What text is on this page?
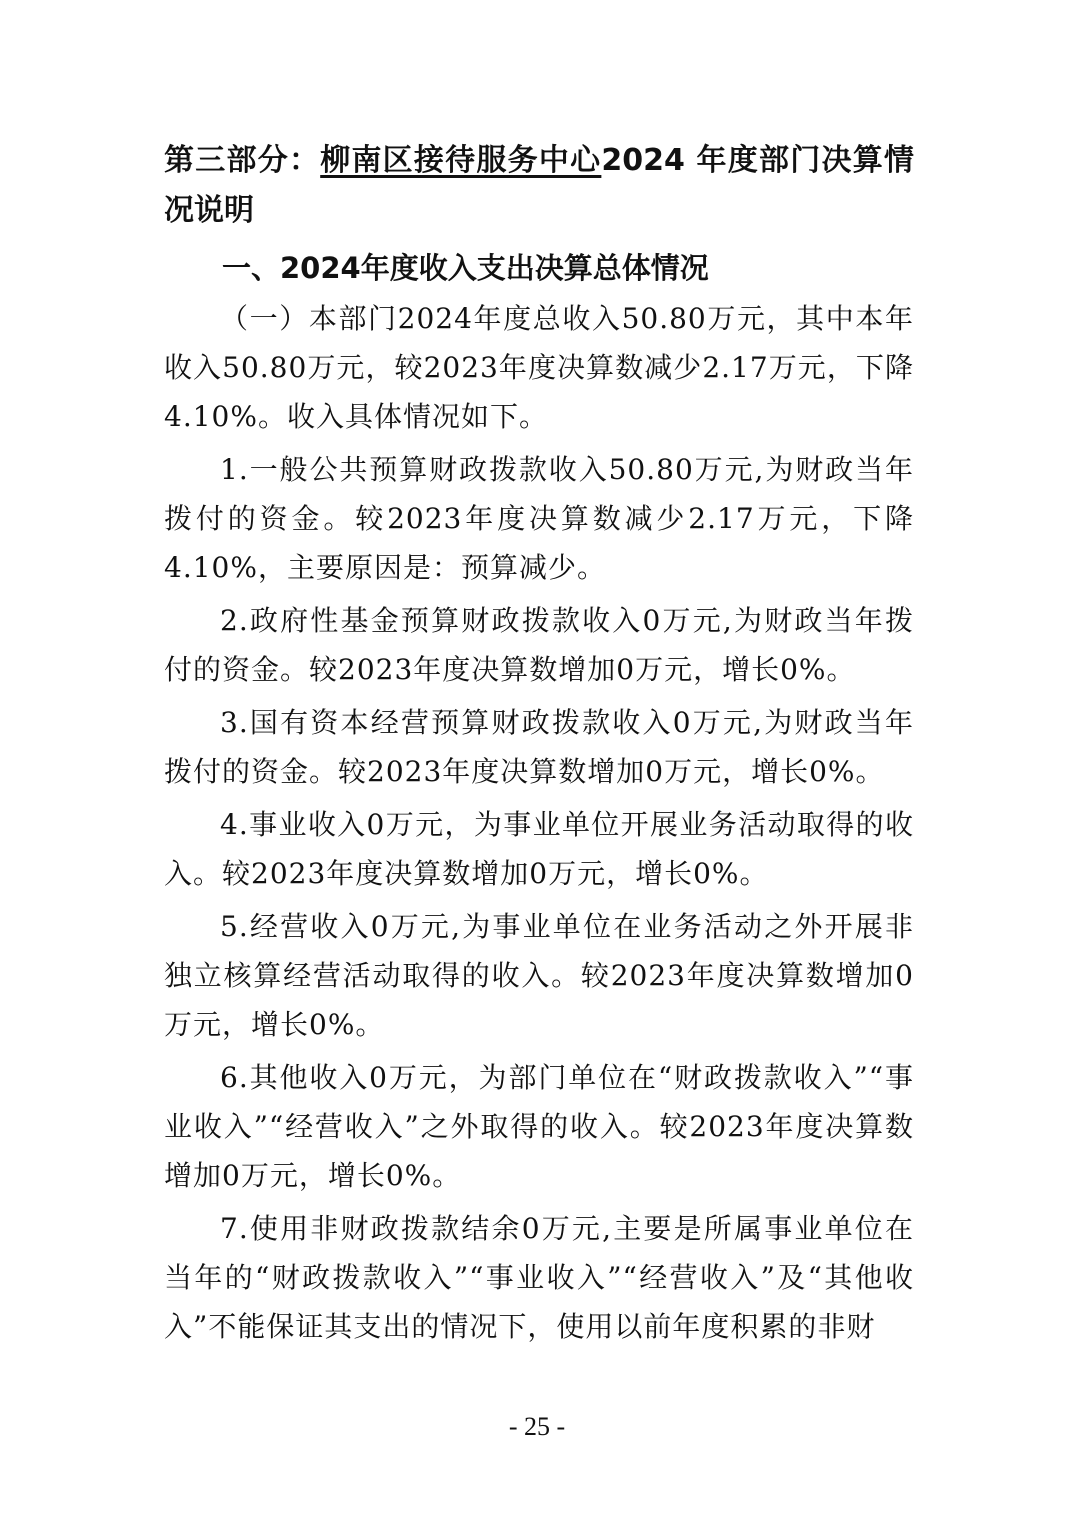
第三部分：柳南区接待服务中心2024 年度部门决算情况说明
一、2024年度收入支出决算总体情况

（一）本部门2024年度总收入50.80万元，其中本年收入50.80万元，较2023年度决算数减少2.17万元，下降4.10%。收入具体情况如下。

1.一般公共预算财政拨款收入50.80万元,为财政当年拨付的资金。较2023年度决算数减少2.17万元，下降4.10%，主要原因是：预算减少。

2.政府性基金预算财政拨款收入0万元,为财政当年拨付的资金。较2023年度决算数增加0万元，增长0%。

3.国有资本经营预算财政拨款收入0万元,为财政当年拨付的资金。较2023年度决算数增加0万元，增长0%。

4.事业收入0万元，为事业单位开展业务活动取得的收入。较2023年度决算数增加0万元，增长0%。

5.经营收入0万元,为事业单位在业务活动之外开展非独立核算经营活动取得的收入。较2023年度决算数增加0万元，增长0%。

6.其他收入0万元，为部门单位在“财政拨款收入”“事业收入”“经营收入”之外取得的收入。较2023年度决算数增加0万元，增长0%。

7.使用非财政拨款结余0万元,主要是所属事业单位在当年的“财政拨款收入”“事业收入”“经营收入”及“其他收入”不能保证其支出的情况下，使用以前年度积累的非财

- 25 -
